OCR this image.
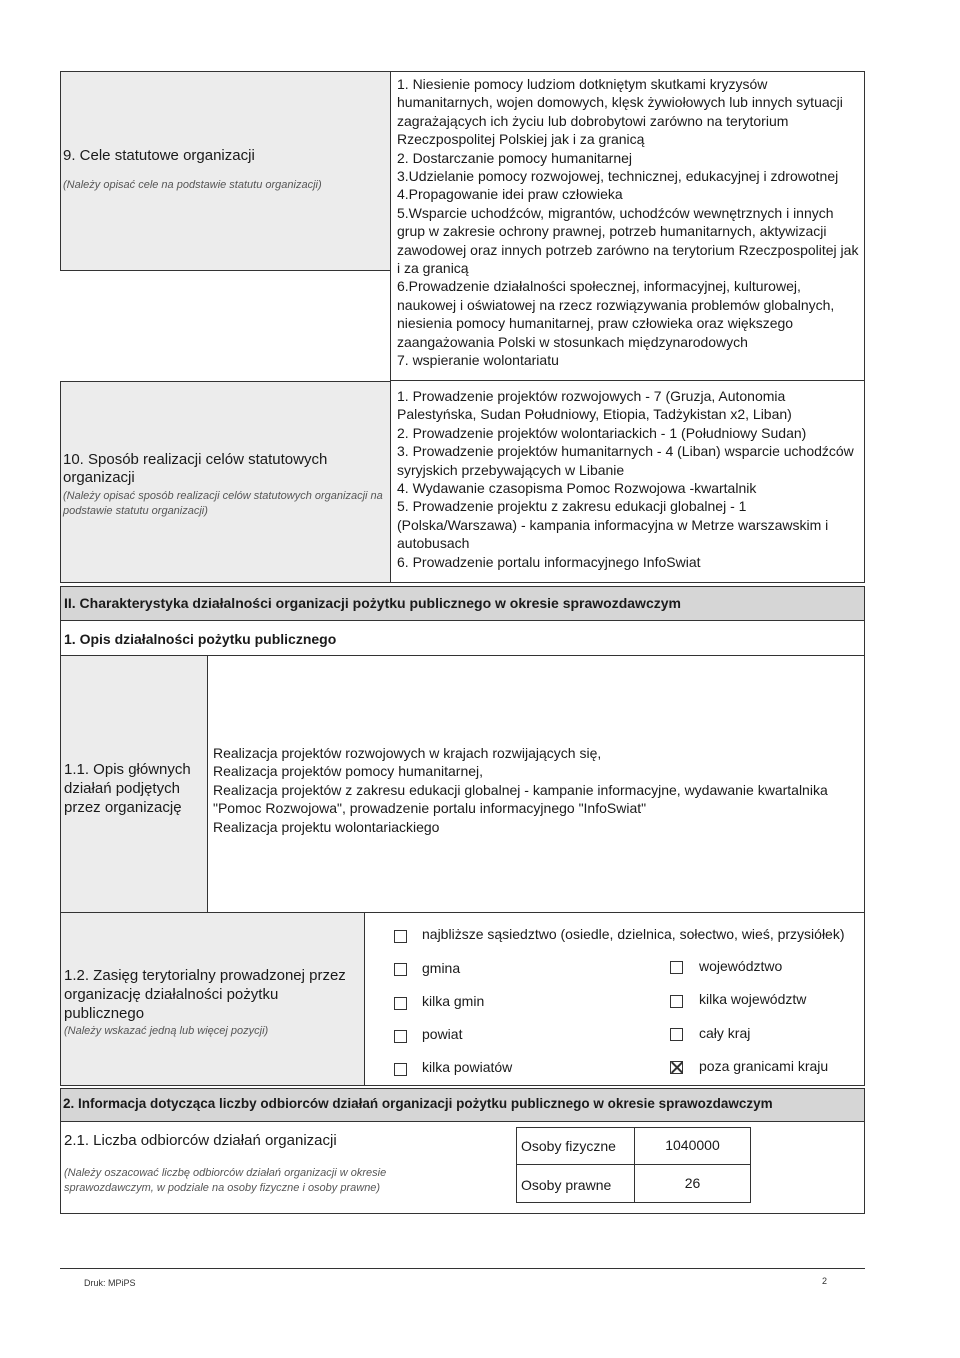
9. Cele statutowe organizacji
(Należy opisać cele na podstawie statutu organizacji)
1. Niesienie pomocy ludziom dotkniętym skutkami kryzysów humanitarnych, wojen domowych, klęsk żywiołowych lub innych sytuacji zagrażających ich życiu lub dobrobytowi zarówno na terytorium Rzeczpospolitej Polskiej jak i za granicą
2. Dostarczanie pomocy humanitarnej
3.Udzielanie pomocy rozwojowej, technicznej, edukacyjnej i zdrowotnej
4.Propagowanie idei praw człowieka
5.Wsparcie uchodźców, migrantów, uchodźców wewnętrznych i innych grup w zakresie ochrony prawnej, potrzeb humanitarnych, aktywizacji zawodowej oraz innych potrzeb zarówno na terytorium Rzeczpospolitej jak i za granicą
6.Prowadzenie działalności społecznej, informacyjnej, kulturowej, naukowej i oświatowej na rzecz rozwiązywania problemów globalnych, niesienia pomocy humanitarnej, praw człowieka oraz większego zaangażowania Polski w stosunkach międzynarodowych
7. wspieranie wolontariatu
10. Sposób realizacji celów statutowych organizacji
(Należy opisać sposób realizacji celów statutowych organizacji na podstawie statutu organizacji)
1. Prowadzenie projektów rozwojowych - 7 (Gruzja, Autonomia Palestyńska, Sudan Południowy, Etiopia, Tadżykistan x2, Liban)
2. Prowadzenie projektów wolontariackich - 1 (Południowy Sudan)
3. Prowadzenie projektów humanitarnych - 4 (Liban) wsparcie uchodźców syryjskich przebywających w Libanie
4. Wydawanie czasopisma Pomoc Rozwojowa -kwartalnik
5. Prowadzenie projektu z zakresu edukacji globalnej - 1 (Polska/Warszawa) - kampania informacyjna w Metrze warszawskim i autobusach
6. Prowadzenie portalu informacyjnego InfoSwiat
II. Charakterystyka działalności organizacji pożytku publicznego w okresie sprawozdawczym
1. Opis działalności pożytku publicznego
1.1. Opis głównych działań podjętych przez organizację
Realizacja projektów rozwojowych w krajach rozwijających się,
Realizacja projektów pomocy humanitarnej,
Realizacja projektów z zakresu edukacji globalnej - kampanie informacyjne, wydawanie kwartalnika
"Pomoc Rozwojowa", prowadzenie portalu informacyjnego "InfoSwiat"
Realizacja projektu wolontariackiego
1.2. Zasięg terytorialny prowadzonej przez organizację działalności pożytku publicznego
(Należy wskazać jedną lub więcej pozycji)
najbliższe sąsiedztwo (osiedle, dzielnica, sołectwo, wieś, przysiółek)
gmina	województwo
kilka gmin	kilka województw
powiat	cały kraj
kilka powiatów	poza granicami kraju
2. Informacja dotycząca liczby odbiorców działań organizacji pożytku publicznego w okresie sprawozdawczym
2.1. Liczba odbiorców działań organizacji
(Należy oszacować liczbę odbiorców działań organizacji w okresie sprawozdawczym, w podziale na osoby fizyczne i osoby prawne)
Osoby fizyczne	1040000
Osoby prawne	26
Druk: MPiPS	2
